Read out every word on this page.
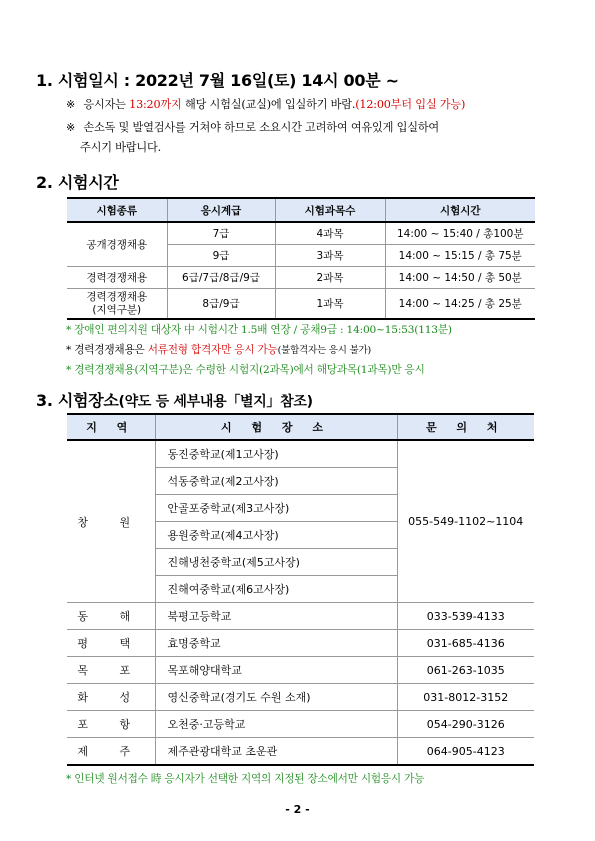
1. 시험일시 : 2022년 7월 16일(토) 14시 00분 ~
※ 응시자는 13:20까지 해당 시험실(교실)에 입실하기 바람.(12:00부터 입실 가능)
※ 손소독 및 발열검사를 거쳐야 하므로 소요시간 고려하여 여유있게 입실하여
주시기 바랍니다.
2. 시험시간
시험종류	응시계급	시험과목수	시험시간
공개경쟁채용	7급	4과목	14:00 ~ 15:40 / 총100분
	9급	3과목	14:00 ~ 15:15 / 총 75분
경력경쟁채용	6급/7급/8급/9급	2과목	14:00 ~ 14:50 / 총 50분

경력경쟁채용
(지역구분)	8급/9급	1과목	14:00 ~ 14:25 / 총 25분
* 장애인 편의지원 대상자 中 시험시간 1.5배 연장 / 공채9급 : 14:00~15:53(113분)
* 경력경쟁채용은 서류전형 합격자만 응시 가능(불합격자는 응시 불가)
* 경력경쟁채용(지역구분)은 수령한 시험지(2과목)에서 해당과목(1과목)만 응시
3. 시험장소(약도 등 세부내용「별지」참조)
지 역	시 험 장 소	문 의 처
창 원	동진중학교(제1고사장)	055-549-1102~1104
	석동중학교(제2고사장)	
	안골포중학교(제3고사장)	
	용원중학교(제4고사장)	
	진해냉천중학교(제5고사장)	
	진해여중학교(제6고사장)	
동 해	북평고등학교	033-539-4133
평 택	효명중학교	031-685-4136
목 포	목포해양대학교	061-263-1035
화 성	영신중학교(경기도 수원 소재)	031-8012-3152
포 항	오천중·고등학교	054-290-3126
제 주	제주관광대학교 초운관	064-905-4123
* 인터넷 원서접수 時 응시자가 선택한 지역의 지정된 장소에서만 시험응시 가능
- 2 -
